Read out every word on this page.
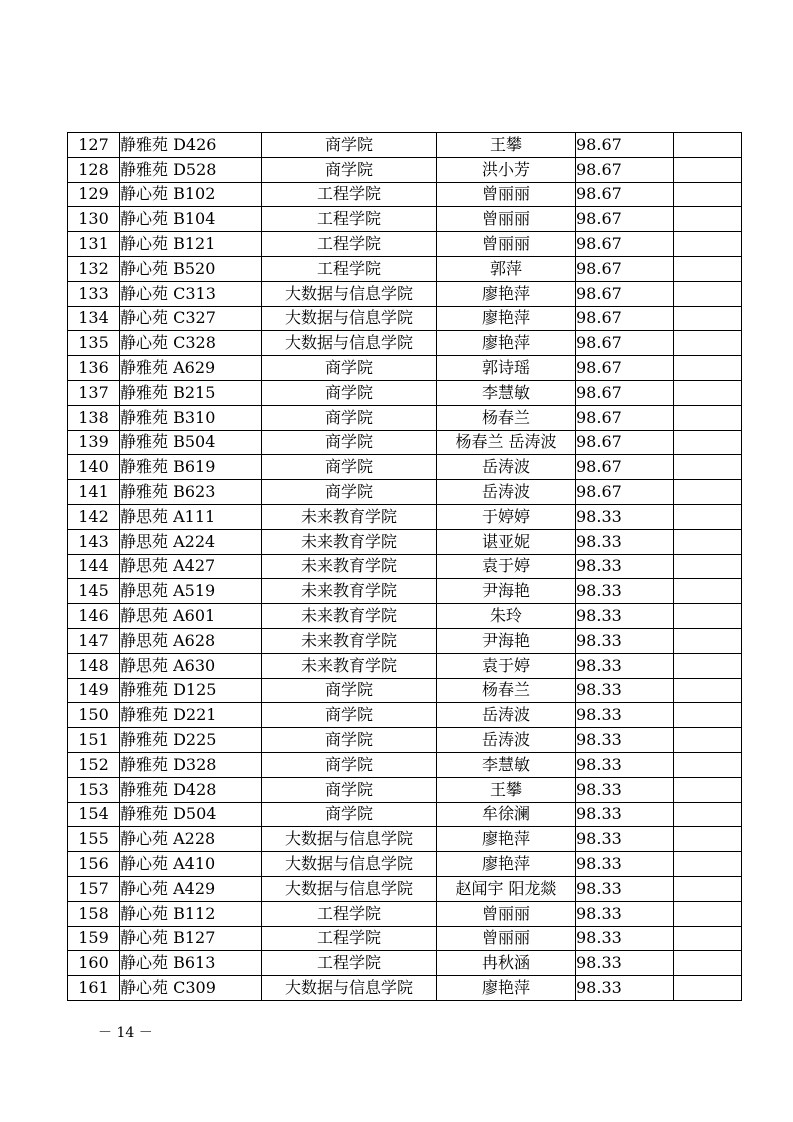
127	静雅苑 D426	商学院	王攀	98.67	
128	静雅苑 D528	商学院	洪小芳	98.67	
129	静心苑 B102	工程学院	曾丽丽	98.67	
130	静心苑 B104	工程学院	曾丽丽	98.67	
131	静心苑 B121	工程学院	曾丽丽	98.67	
132	静心苑 B520	工程学院	郭萍	98.67	
133	静心苑 C313	大数据与信息学院	廖艳萍	98.67	
134	静心苑 C327	大数据与信息学院	廖艳萍	98.67	
135	静心苑 C328	大数据与信息学院	廖艳萍	98.67	
136	静雅苑 A629	商学院	郭诗瑶	98.67	
137	静雅苑 B215	商学院	李慧敏	98.67	
138	静雅苑 B310	商学院	杨春兰	98.67	
139	静雅苑 B504	商学院	杨春兰 岳涛波	98.67	
140	静雅苑 B619	商学院	岳涛波	98.67	
141	静雅苑 B623	商学院	岳涛波	98.67	
142	静思苑 A111	未来教育学院	于婷婷	98.33	
143	静思苑 A224	未来教育学院	谌亚妮	98.33	
144	静思苑 A427	未来教育学院	袁于婷	98.33	
145	静思苑 A519	未来教育学院	尹海艳	98.33	
146	静思苑 A601	未来教育学院	朱玲	98.33	
147	静思苑 A628	未来教育学院	尹海艳	98.33	
148	静思苑 A630	未来教育学院	袁于婷	98.33	
149	静雅苑 D125	商学院	杨春兰	98.33	
150	静雅苑 D221	商学院	岳涛波	98.33	
151	静雅苑 D225	商学院	岳涛波	98.33	
152	静雅苑 D328	商学院	李慧敏	98.33	
153	静雅苑 D428	商学院	王攀	98.33	
154	静雅苑 D504	商学院	牟徐澜	98.33	
155	静心苑 A228	大数据与信息学院	廖艳萍	98.33	
156	静心苑 A410	大数据与信息学院	廖艳萍	98.33	
157	静心苑 A429	大数据与信息学院	赵闻宇 阳龙燚	98.33	
158	静心苑 B112	工程学院	曾丽丽	98.33	
159	静心苑 B127	工程学院	曾丽丽	98.33	
160	静心苑 B613	工程学院	冉秋涵	98.33	
161	静心苑 C309	大数据与信息学院	廖艳萍	98.33	
－ 14 －
